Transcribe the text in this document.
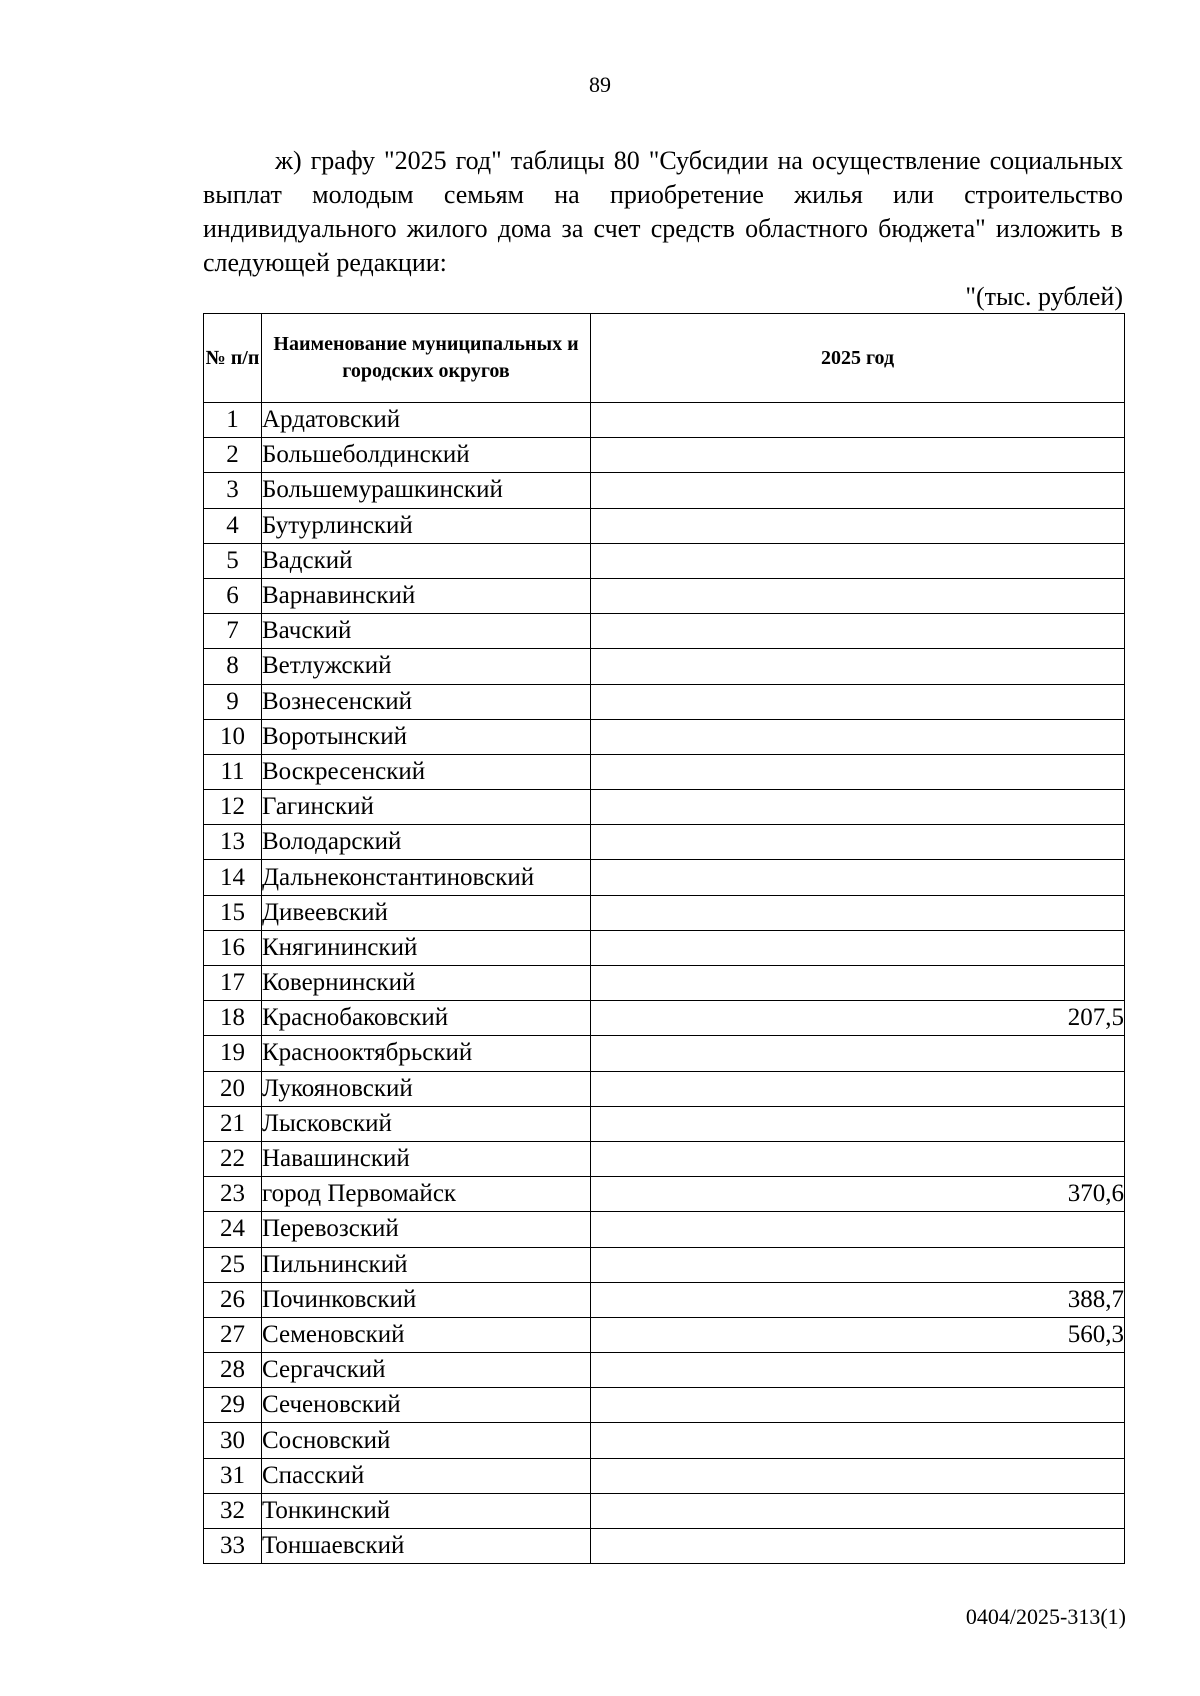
89

ж) графу "2025 год" таблицы 80 "Субсидии на осуществление социальных выплат молодым семьям на приобретение жилья или строительство индивидуального жилого дома за счет средств областного бюджета" изложить в следующей редакции:

"(тыс. рублей)
№ п/п	Наименование муниципальных и городских округов	2025 год
1	Ардатовский	
2	Большеболдинский	
3	Большемурашкинский	
4	Бутурлинский	
5	Вадский	
6	Варнавинский	
7	Вачский	
8	Ветлужский	
9	Вознесенский	
10	Воротынский	
11	Воскресенский	
12	Гагинский	
13	Володарский	
14	Дальнеконстантиновский	
15	Дивеевский	
16	Княгининский	
17	Ковернинский	
18	Краснобаковский	207,5
19	Краснооктябрьский	
20	Лукояновский	
21	Лысковский	
22	Навашинский	
23	город Первомайск	370,6
24	Перевозский	
25	Пильнинский	
26	Починковский	388,7
27	Семеновский	560,3
28	Сергачский	
29	Сеченовский	
30	Сосновский	
31	Спасский	
32	Тонкинский	
33	Тоншаевский	
0404/2025-313(1)
